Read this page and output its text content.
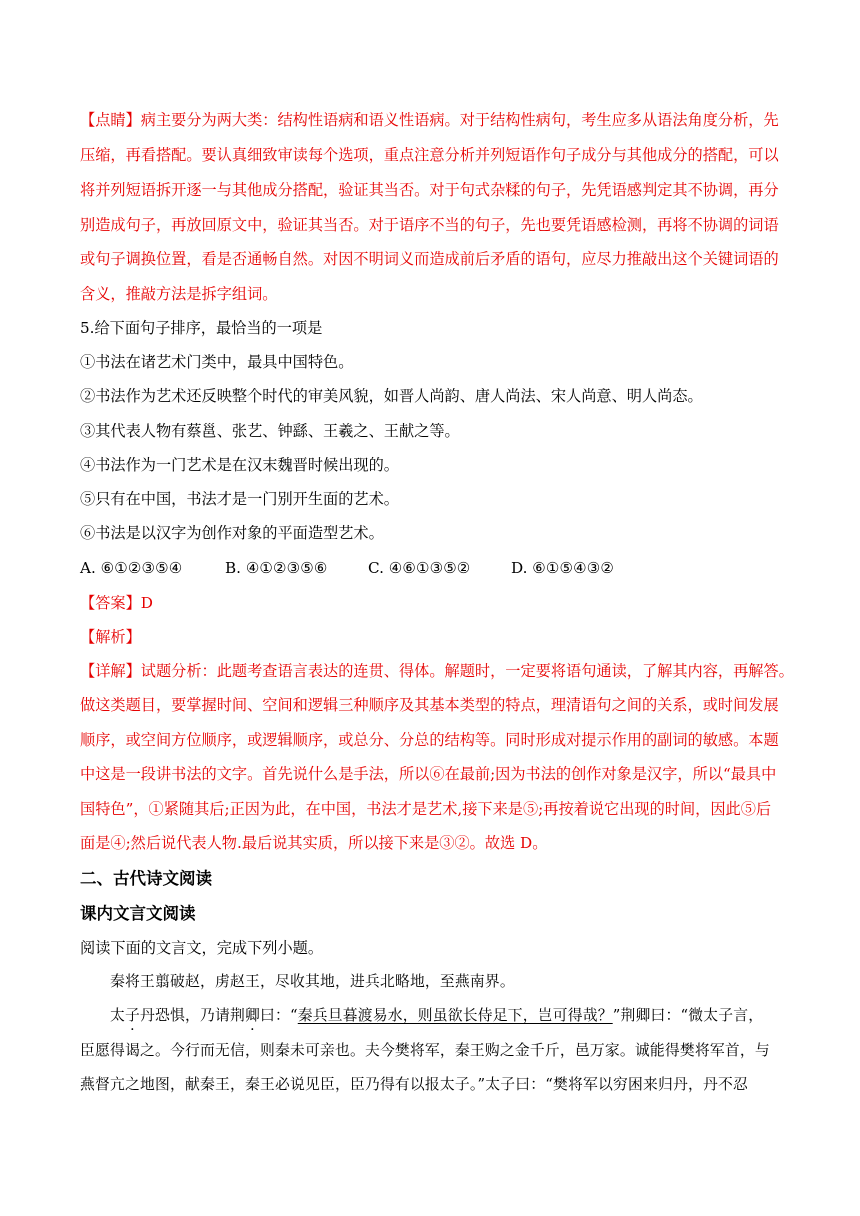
【点睛】病主要分为两大类：结构性语病和语义性语病。对于结构性病句，考生应多从语法角度分析，先
压缩，再看搭配。要认真细致审读每个选项，重点注意分析并列短语作句子成分与其他成分的搭配，可以
将并列短语拆开逐一与其他成分搭配，验证其当否。对于句式杂糅的句子，先凭语感判定其不协调，再分
别造成句子，再放回原文中，验证其当否。对于语序不当的句子，先也要凭语感检测，再将不协调的词语
或句子调换位置，看是否通畅自然。对因不明词义而造成前后矛盾的语句，应尽力推敲出这个关键词语的
含义，推敲方法是拆字组词。
5.给下面句子排序，最恰当的一项是
①书法在诸艺术门类中，最具中国特色。
②书法作为艺术还反映整个时代的审美风貌，如晋人尚韵、唐人尚法、宋人尚意、明人尚态。
③其代表人物有蔡邕、张艺、钟繇、王羲之、王献之等。
④书法作为一门艺术是在汉末魏晋时候出现的。
⑤只有在中国，书法才是一门别开生面的艺术。
⑥书法是以汉字为创作对象的平面造型艺术。
A. ⑥①②③⑤④	B. ④①②③⑤⑥	C. ④⑥①③⑤②	D. ⑥①⑤④③②
【答案】D
【解析】
【详解】试题分析：此题考查语言表达的连贯、得体。解题时，一定要将语句通读，了解其内容，再解答。
做这类题目，要掌握时间、空间和逻辑三种顺序及其基本类型的特点，理清语句之间的关系，或时间发展
顺序，或空间方位顺序，或逻辑顺序，或总分、分总的结构等。同时形成对提示作用的副词的敏感。本题
中这是一段讲书法的文字。首先说什么是手法，所以⑥在最前;因为书法的创作对象是汉字，所以“最具中
国特色”，①紧随其后;正因为此，在中国，书法才是艺术,接下来是⑤;再按着说它出现的时间，因此⑤后
面是④;然后说代表人物.最后说其实质，所以接下来是③②。故选 D。
二、古代诗文阅读
课内文言文阅读
阅读下面的文言文，完成下列小题。
秦将王翦破赵，虏赵王，尽收其地，进兵北略地，至燕南界。
太子丹恐惧，乃请荆卿曰：“秦兵旦暮渡易水，则虽欲长侍足下，岂可得哉？”荆卿曰：“微太子言，
臣愿得谒之。今行而无信，则秦未可亲也。夫今樊将军，秦王购之金千斤，邑万家。诚能得樊将军首，与
燕督亢之地图，献秦王，秦王必说见臣，臣乃得有以报太子。”太子曰：“樊将军以穷困来归丹，丹不忍
